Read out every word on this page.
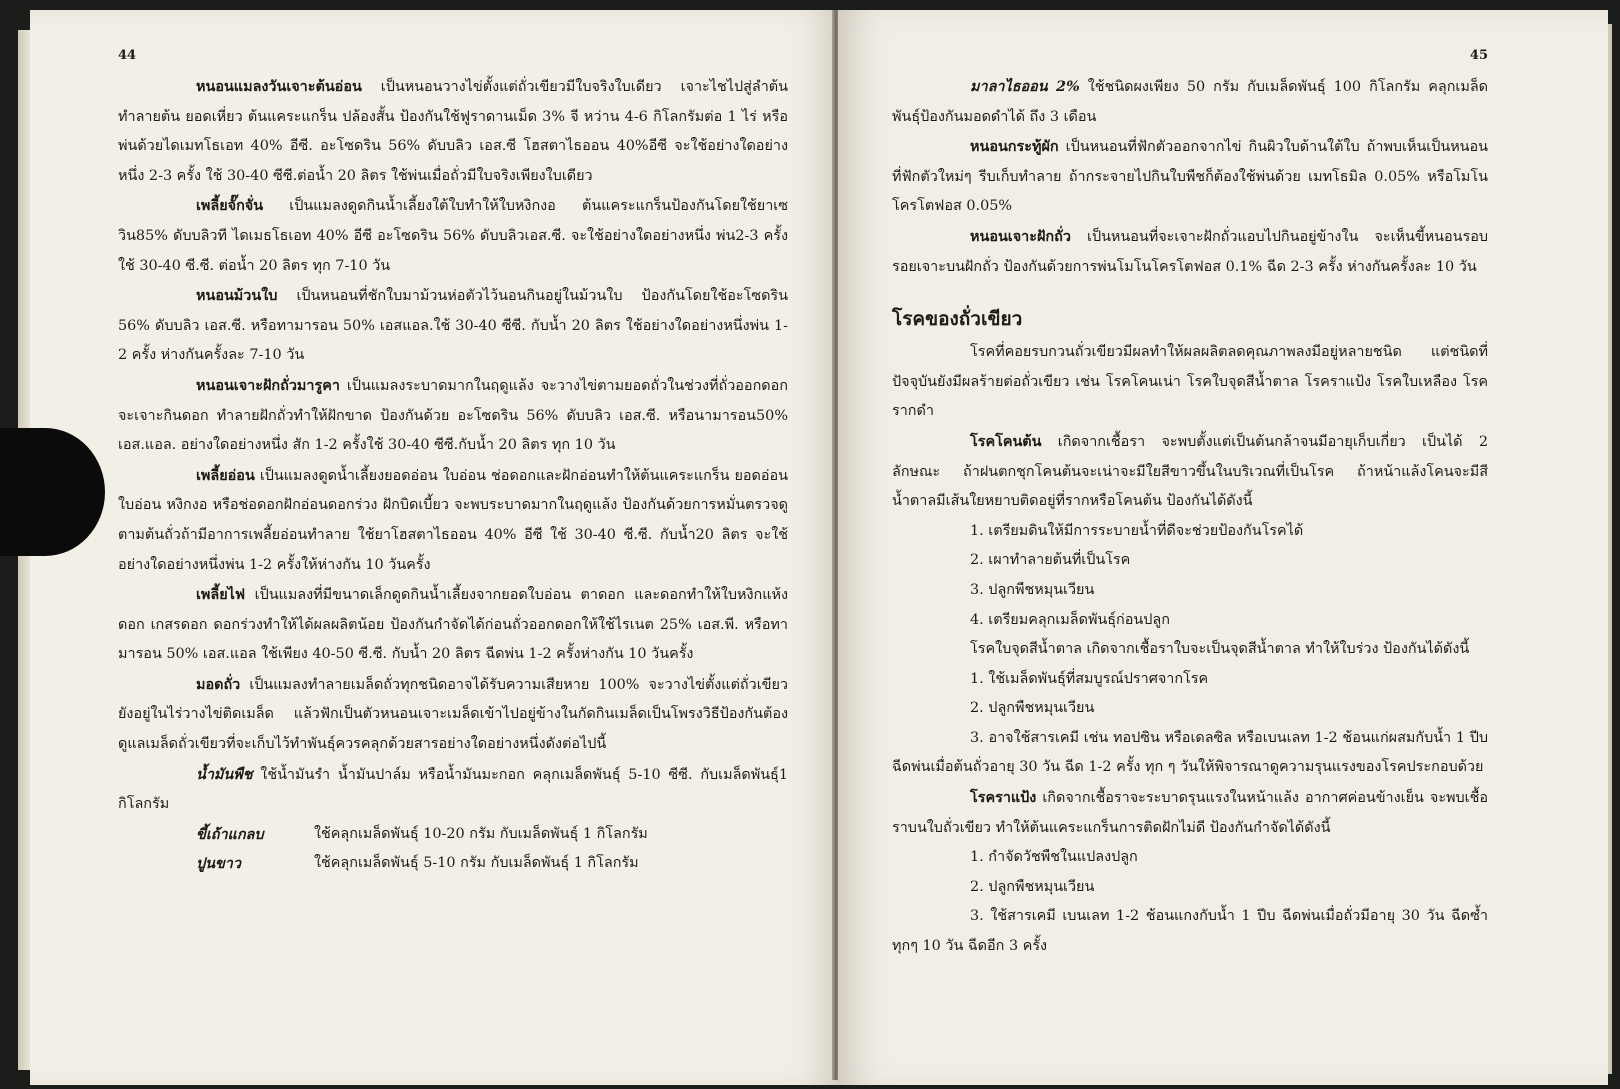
44

หนอนแมลงวันเจาะต้นอ่อน เป็นหนอนวางไข่ตั้งแต่ถั่วเขียวมีใบจริงใบเดียว เจาะไชไปสู่ลำต้นทำลายต้น ยอดเหี่ยว ต้นแคระแกร็น ปล้องสั้น ป้องกันใช้ฟูราดานเม็ด 3% จี หว่าน 4-6 กิโลกรัมต่อ 1 ไร่ หรือพ่นด้วยไดเมทโธเอท 40% อีซี. อะโซดริน 56% ดับบลิว เอส.ซี โฮสตาไธออน 40%อีซี จะใช้อย่างใดอย่างหนึ่ง 2-3 ครั้ง ใช้ 30-40 ซีซี.ต่อน้ำ 20 ลิตร ใช้พ่นเมื่อถั่วมีใบจริงเพียงใบเดียว

เพลี้ยจั๊กจั่น เป็นแมลงดูดกินน้ำเลี้ยงใต้ใบทำให้ใบหงิกงอ ต้นแคระแกร็นป้องกันโดยใช้ยาเซวิน85% ดับบลิวที ไดเมธโธเอท 40% อีซี อะโซดริน 56% ดับบลิวเอส.ซี. จะใช้อย่างใดอย่างหนึ่ง พ่น2-3 ครั้ง ใช้ 30-40 ซี.ซี. ต่อน้ำ 20 ลิตร ทุก 7-10 วัน

หนอนม้วนใบ เป็นหนอนที่ชักใบมาม้วนห่อตัวไว้นอนกินอยู่ในม้วนใบ ป้องกันโดยใช้อะโซดริน 56% ดับบลิว เอส.ซี. หรือทามารอน 50% เอสแอล.ใช้ 30-40 ซีซี. กับน้ำ 20 ลิตร ใช้อย่างใดอย่างหนึ่งพ่น 1-2 ครั้ง ห่างกันครั้งละ 7-10 วัน

หนอนเจาะฝักถั่วมารูคา เป็นแมลงระบาดมากในฤดูแล้ง จะวางไข่ตามยอดถั่วในช่วงที่ถั่วออกดอกจะเจาะกินดอก ทำลายฝักถั่วทำให้ฝักขาด ป้องกันด้วย อะโซดริน 56% ดับบลิว เอส.ซี. หรือนามารอน50% เอส.แอล. อย่างใดอย่างหนึ่ง สัก 1-2 ครั้งใช้ 30-40 ซีซี.กับน้ำ 20 ลิตร ทุก 10 วัน

เพลี้ยอ่อน เป็นแมลงดูดน้ำเลี้ยงยอดอ่อน ใบอ่อน ช่อดอกและฝักอ่อนทำให้ต้นแคระแกร็น ยอดอ่อน ใบอ่อน หงิกงอ หรือช่อดอกฝักอ่อนดอกร่วง ฝักบิดเบี้ยว จะพบระบาดมากในฤดูแล้ง ป้องกันด้วยการหมั่นตรวจดูตามต้นถั่วถ้ามีอาการเพลี้ยอ่อนทำลาย ใช้ยาโฮสตาไธออน 40% อีซี ใช้ 30-40 ซี.ซี. กับน้ำ20 ลิตร จะใช้อย่างใดอย่างหนึ่งพ่น 1-2 ครั้งให้ห่างกัน 10 วันครั้ง

เพลี้ยไฟ เป็นแมลงที่มีขนาดเล็กดูดกินน้ำเลี้ยงจากยอดใบอ่อน ตาดอก และดอกทำให้ใบหงิกแห้ง ดอก เกสรดอก ดอกร่วงทำให้ได้ผลผลิตน้อย ป้องกันกำจัดได้ก่อนถั่วออกดอกให้ใช้ไรเนต 25% เอส.พี. หรือทามารอน 50% เอส.แอล ใช้เพียง 40-50 ซี.ซี. กับน้ำ 20 ลิตร ฉีดพ่น 1-2 ครั้งห่างกัน 10 วันครั้ง

มอดถั่ว เป็นแมลงทำลายเมล็ดถั่วทุกชนิดอาจได้รับความเสียหาย 100% จะวางไข่ตั้งแต่ถั่วเขียวยังอยู่ในไร่วางไข่ติดเมล็ด แล้วฟักเป็นตัวหนอนเจาะเมล็ดเข้าไปอยู่ข้างในกัดกินเมล็ดเป็นโพรงวิธีป้องกันต้องดูแลเมล็ดถั่วเขียวที่จะเก็บไว้ทำพันธุ์ควรคลุกด้วยสารอย่างใดอย่างหนึ่งดังต่อไปนี้

น้ำมันพืช ใช้น้ำมันรำ น้ำมันปาล์ม หรือน้ำมันมะกอก คลุกเมล็ดพันธุ์ 5-10 ซีซี. กับเมล็ดพันธุ์1 กิโลกรัม

ขี้เถ้าแกลบ	ใช้คลุกเมล็ดพันธุ์ 10-20 กรัม กับเมล็ดพันธุ์ 1 กิโลกรัม
ปูนขาว	ใช้คลุกเมล็ดพันธุ์ 5-10 กรัม กับเมล็ดพันธุ์ 1 กิโลกรัม
45

มาลาไธออน 2% ใช้ชนิดผงเพียง 50 กรัม กับเมล็ดพันธุ์ 100 กิโลกรัม คลุกเมล็ดพันธุ์ป้องกันมอดดำได้ ถึง 3 เดือน

หนอนกระทู้ผัก เป็นหนอนที่ฟักตัวออกจากไข่ กินผิวใบด้านใต้ใบ ถ้าพบเห็นเป็นหนอนที่ฟักตัวใหม่ๆ รีบเก็บทำลาย ถ้ากระจายไปกินใบพืชก็ต้องใช้พ่นด้วย เมทโธมิล 0.05% หรือโมโนโครโตฟอส 0.05%

หนอนเจาะฝักถั่ว เป็นหนอนที่จะเจาะฝักถั่วแอบไปกินอยู่ข้างใน จะเห็นขี้หนอนรอบรอยเจาะบนฝักถั่ว ป้องกันด้วยการพ่นโมโนโครโตฟอส 0.1% ฉีด 2-3 ครั้ง ห่างกันครั้งละ 10 วัน

โรคของถั่วเขียว

โรคที่คอยรบกวนถั่วเขียวมีผลทำให้ผลผลิตลดคุณภาพลงมีอยู่หลายชนิด แต่ชนิดที่ปัจจุบันยังมีผลร้ายต่อถั่วเขียว เช่น โรคโคนเน่า โรคใบจุดสีน้ำตาล โรคราแป้ง โรคใบเหลือง โรครากดำ

โรคโคนต้น เกิดจากเชื้อรา จะพบตั้งแต่เป็นต้นกล้าจนมีอายุเก็บเกี่ยว เป็นได้ 2 ลักษณะ ถ้าฝนตกชุกโคนต้นจะเน่าจะมีใยสีขาวขึ้นในบริเวณที่เป็นโรค ถ้าหน้าแล้งโคนจะมีสีน้ำตาลมีเส้นใยหยาบติดอยู่ที่รากหรือโคนต้น ป้องกันได้ดังนี้

1. เตรียมดินให้มีการระบายน้ำที่ดีจะช่วยป้องกันโรคได้
2. เผาทำลายต้นที่เป็นโรค
3. ปลูกพืชหมุนเวียน
4. เตรียมคลุกเมล็ดพันธุ์ก่อนปลูก
โรคใบจุดสีน้ำตาล เกิดจากเชื้อราใบจะเป็นจุดสีน้ำตาล ทำให้ใบร่วง ป้องกันได้ดังนี้
1. ใช้เมล็ดพันธุ์ที่สมบูรณ์ปราศจากโรค
2. ปลูกพืชหมุนเวียน

3. อาจใช้สารเคมี เช่น ทอปซิน หรือเดลซิล หรือเบนเลท 1-2 ช้อนแก่ผสมกับน้ำ 1 ปีบ ฉีดพ่นเมื่อต้นถั่วอายุ 30 วัน ฉีด 1-2 ครั้ง ทุก ๆ วันให้พิจารณาดูความรุนแรงของโรคประกอบด้วย

โรคราแป้ง เกิดจากเชื้อราจะระบาดรุนแรงในหน้าแล้ง อากาศค่อนข้างเย็น จะพบเชื้อราบนใบถั่วเขียว ทำให้ต้นแคระแกร็นการติดฝักไม่ดี ป้องกันกำจัดได้ดังนี้

1. กำจัดวัชพืชในแปลงปลูก
2. ปลูกพืชหมุนเวียน

3. ใช้สารเคมี เบนเลท 1-2 ช้อนแกงกับน้ำ 1 ปีบ ฉีดพ่นเมื่อถั่วมีอายุ 30 วัน ฉีดซ้ำทุกๆ 10 วัน ฉีดอีก 3 ครั้ง
